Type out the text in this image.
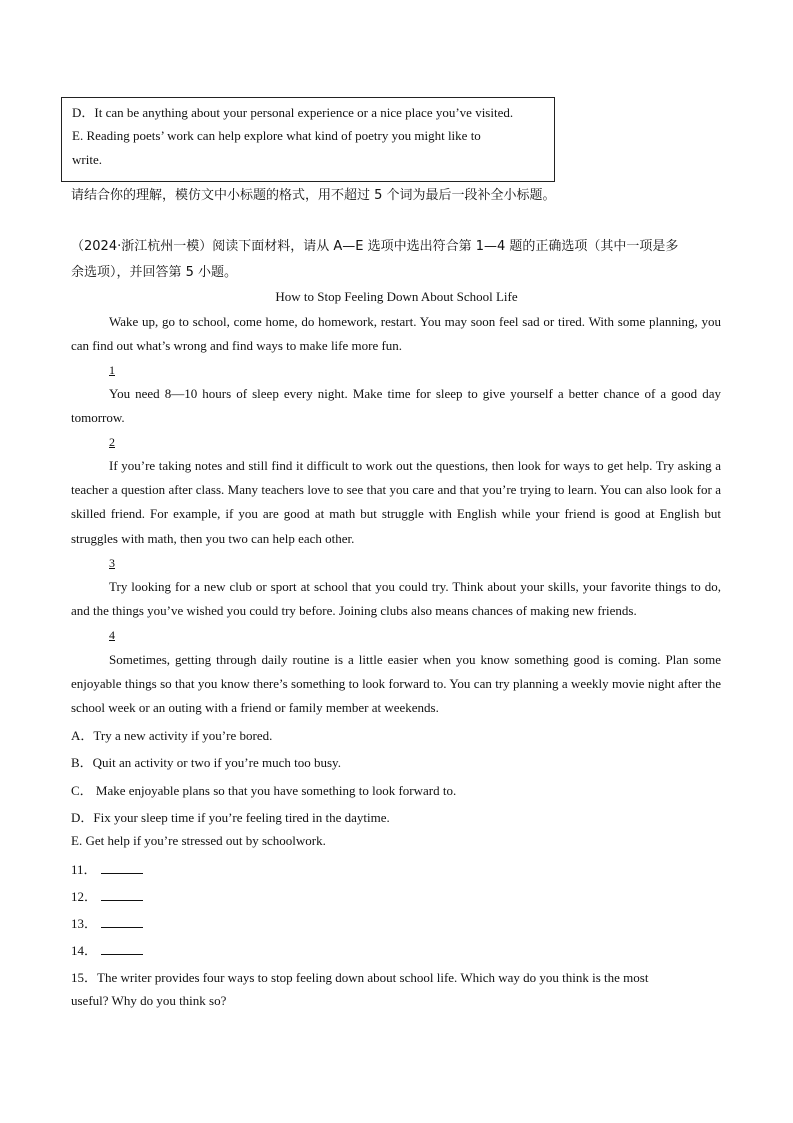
D．It can be anything about your personal experience or a nice place you’ve visited.
E. Reading poets’ work can help explore what kind of poetry you might like to
write.
请结合你的理解，模仿文中小标题的格式，用不超过 5 个词为最后一段补全小标题。
（2024·浙江杭州一模）阅读下面材料，请从 A—E 选项中选出符合第 1—4 题的正确选项（其中一项是多
余选项），并回答第 5 小题。
How to Stop Feeling Down About School Life
Wake up, go to school, come home, do homework, restart. You may soon feel sad or tired. With some planning, you can find out what’s wrong and find ways to make life more fun.
1
You need 8—10 hours of sleep every night. Make time for sleep to give yourself a better chance of a good day tomorrow.
2
If you’re taking notes and still find it difficult to work out the questions, then look for ways to get help. Try asking a teacher a question after class. Many teachers love to see that you care and that you’re trying to learn. You can also look for a skilled friend. For example, if you are good at math but struggle with English while your friend is good at English but struggles with math, then you two can help each other.
3
Try looking for a new club or sport at school that you could try. Think about your skills, your favorite things to do, and the things you’ve wished you could try before. Joining clubs also means chances of making new friends.
4
Sometimes, getting through daily routine is a little easier when you know something good is coming. Plan some enjoyable things so that you know there’s something to look forward to. You can try planning a weekly movie night after the school week or an outing with a friend or family member at weekends.
A．Try a new activity if you’re bored.
B．Quit an activity or two if you’re much too busy.
C． Make enjoyable plans so that you have something to look forward to.
D．Fix your sleep time if you’re feeling tired in the daytime.
E. Get help if you’re stressed out by schoolwork.
11．
12．
13．
14．
15．The writer provides four ways to stop feeling down about school life. Which way do you think is the most
useful? Why do you think so?
